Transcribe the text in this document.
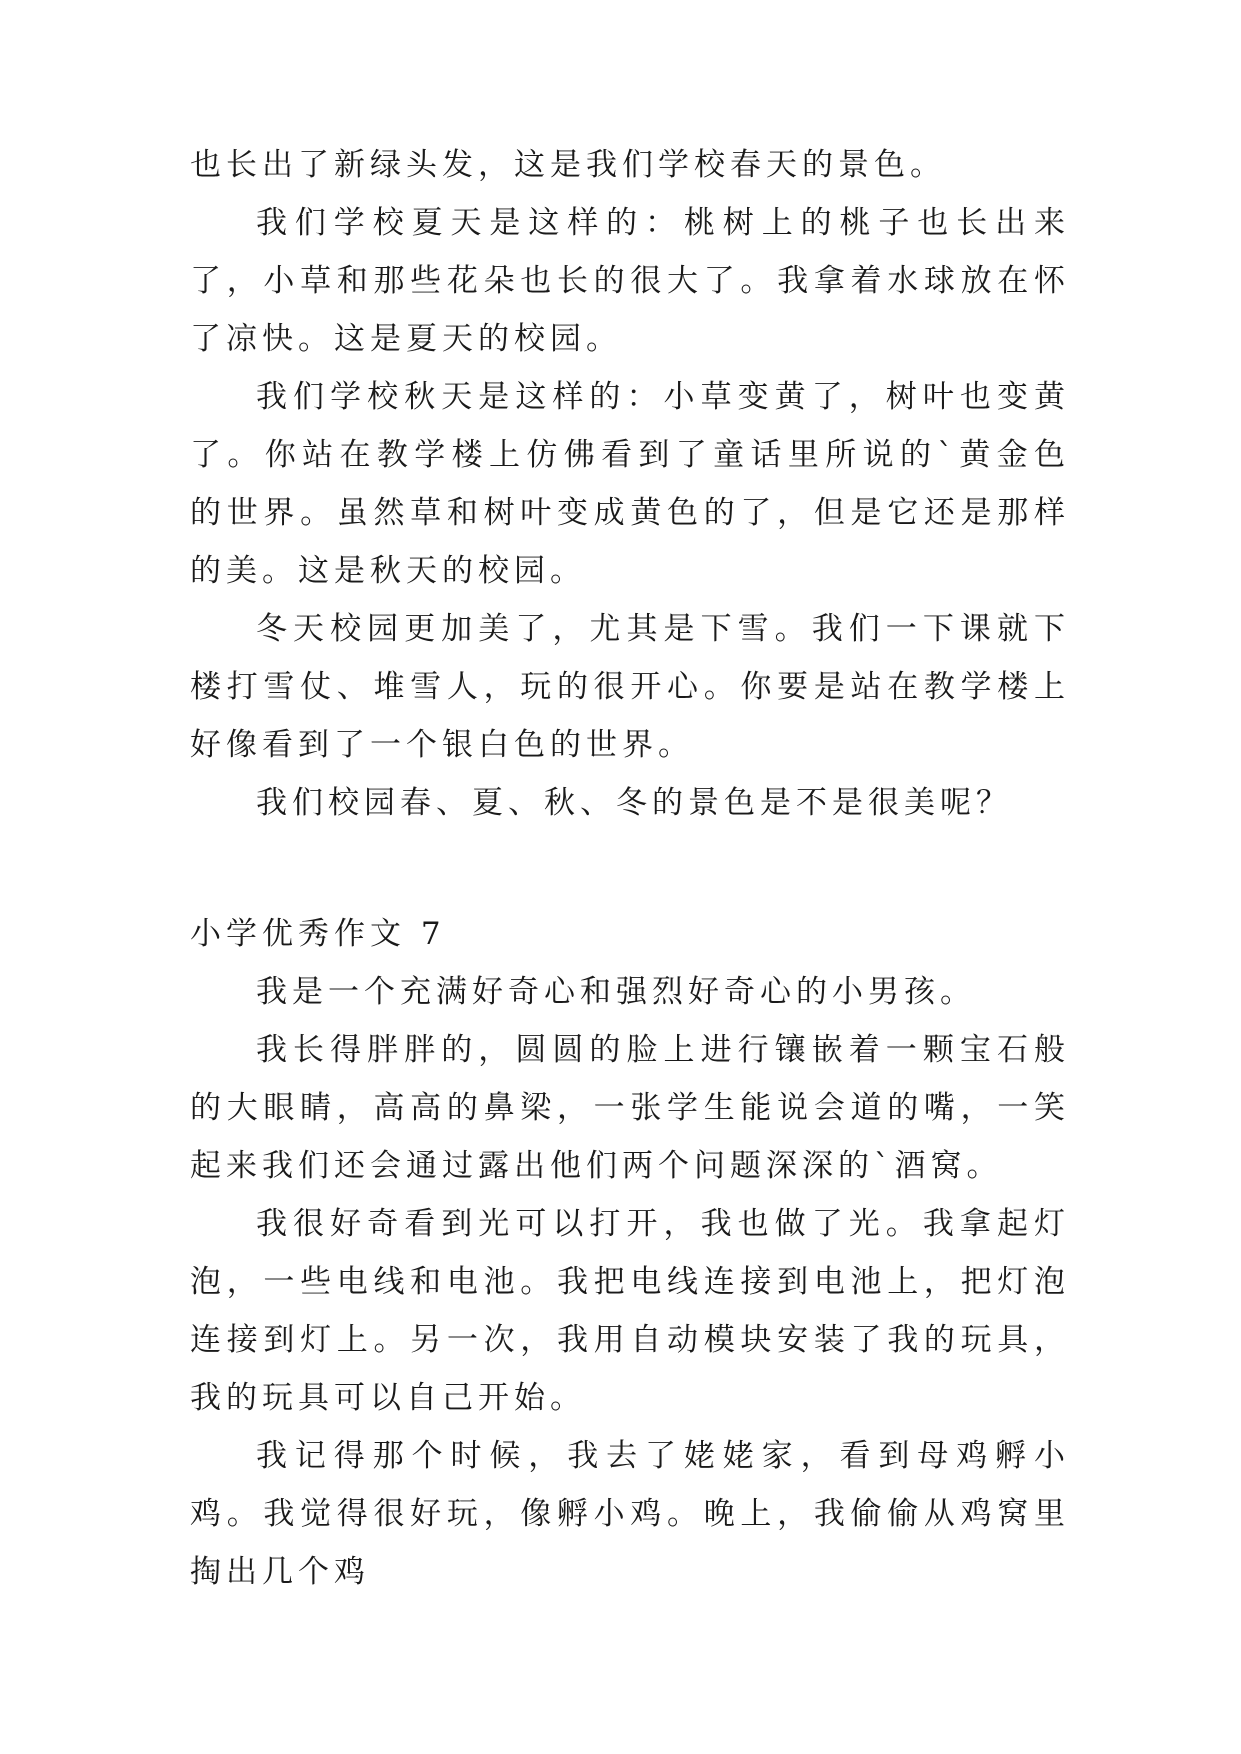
也长出了新绿头发，这是我们学校春天的景色。

我们学校夏天是这样的：桃树上的桃子也长出来了，小草和那些花朵也长的很大了。我拿着水球放在怀了凉快。这是夏天的校园。

我们学校秋天是这样的：小草变黄了，树叶也变黄了。你站在教学楼上仿佛看到了童话里所说的`黄金色的世界。虽然草和树叶变成黄色的了，但是它还是那样的美。这是秋天的校园。

冬天校园更加美了，尤其是下雪。我们一下课就下楼打雪仗、堆雪人，玩的很开心。你要是站在教学楼上好像看到了一个银白色的世界。

我们校园春、夏、秋、冬的景色是不是很美呢？

小学优秀作文 7

我是一个充满好奇心和强烈好奇心的小男孩。

我长得胖胖的，圆圆的脸上进行镶嵌着一颗宝石般的大眼睛，高高的鼻梁，一张学生能说会道的嘴，一笑起来我们还会通过露出他们两个问题深深的`酒窝。

我很好奇看到光可以打开，我也做了光。我拿起灯泡，一些电线和电池。我把电线连接到电池上，把灯泡连接到灯上。另一次，我用自动模块安装了我的玩具，我的玩具可以自己开始。

我记得那个时候，我去了姥姥家，看到母鸡孵小鸡。我觉得很好玩，像孵小鸡。晚上，我偷偷从鸡窝里掏出几个鸡
